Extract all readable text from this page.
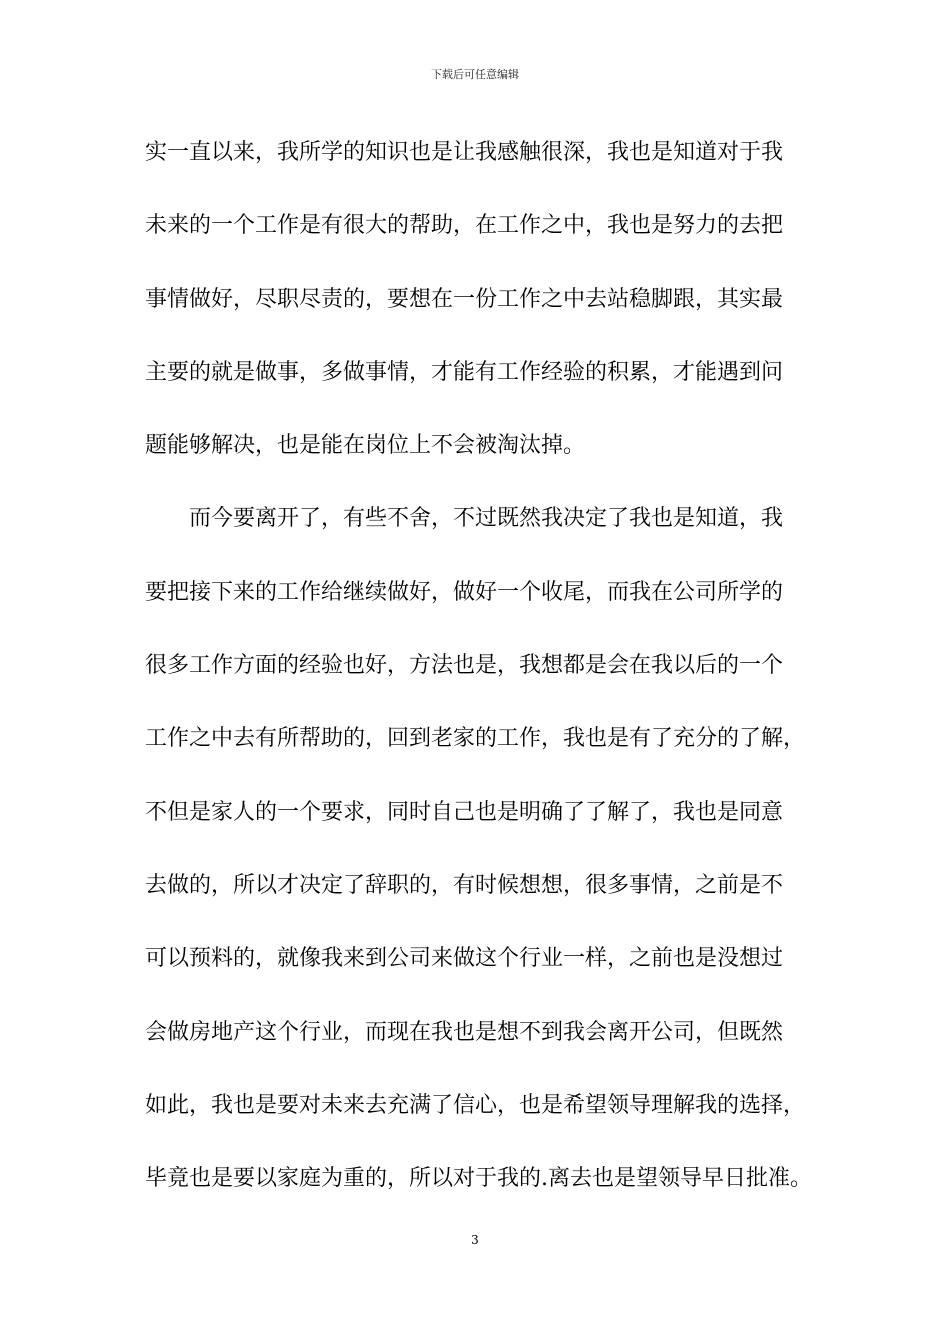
下载后可任意编辑
实一直以来，我所学的知识也是让我感触很深，我也是知道对于我
未来的一个工作是有很大的帮助，在工作之中，我也是努力的去把
事情做好，尽职尽责的，要想在一份工作之中去站稳脚跟，其实最
主要的就是做事，多做事情，才能有工作经验的积累，才能遇到问
题能够解决，也是能在岗位上不会被淘汰掉。
而今要离开了，有些不舍，不过既然我决定了我也是知道，我
要把接下来的工作给继续做好，做好一个收尾，而我在公司所学的
很多工作方面的经验也好，方法也是，我想都是会在我以后的一个
工作之中去有所帮助的，回到老家的工作，我也是有了充分的了解，
不但是家人的一个要求，同时自己也是明确了了解了，我也是同意
去做的，所以才决定了辞职的，有时候想想，很多事情，之前是不
可以预料的，就像我来到公司来做这个行业一样，之前也是没想过
会做房地产这个行业，而现在我也是想不到我会离开公司，但既然
如此，我也是要对未来去充满了信心，也是希望领导理解我的选择，
毕竟也是要以家庭为重的，所以对于我的.离去也是望领导早日批准。
3
